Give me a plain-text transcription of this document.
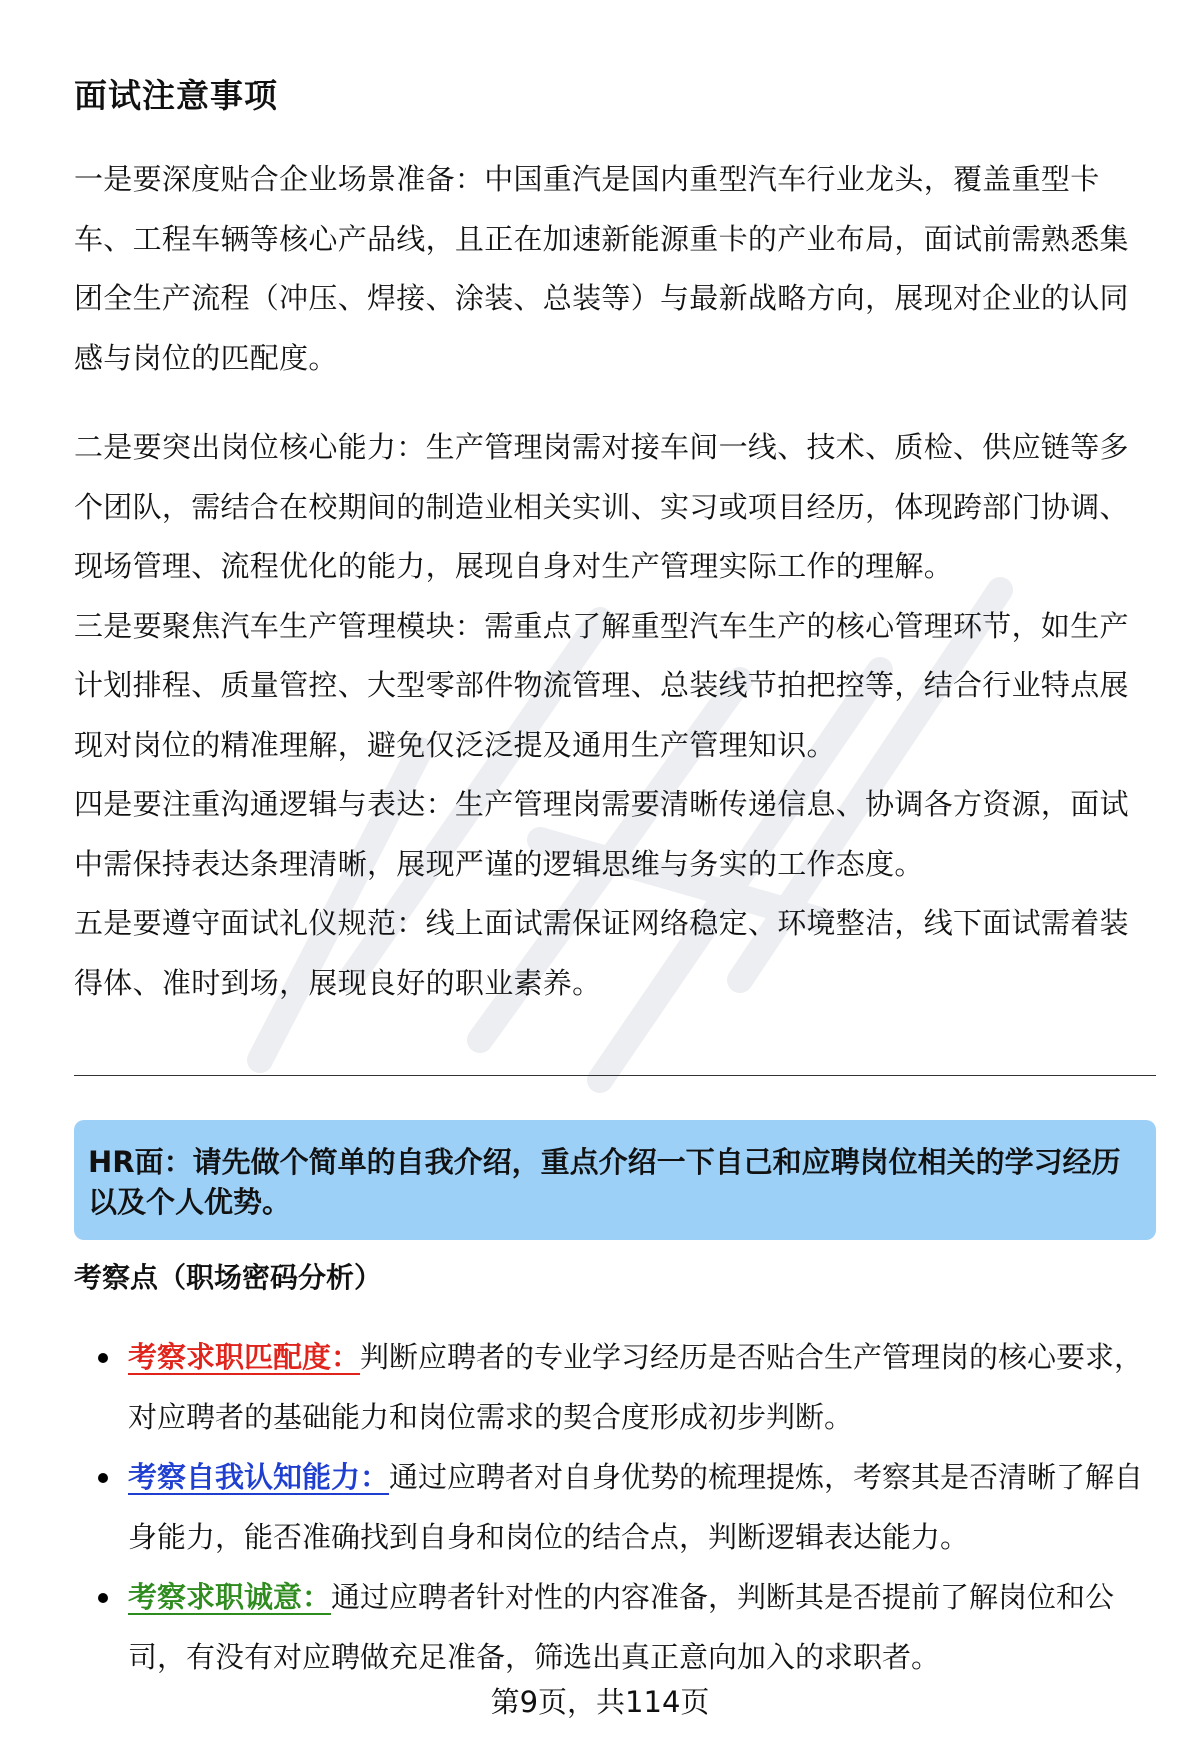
面试注意事项

一是要深度贴合企业场景准备：中国重汽是国内重型汽车行业龙头，覆盖重型卡车、工程车辆等核心产品线，且正在加速新能源重卡的产业布局，面试前需熟悉集团全生产流程（冲压、焊接、涂装、总装等）与最新战略方向，展现对企业的认同感与岗位的匹配度。

二是要突出岗位核心能力：生产管理岗需对接车间一线、技术、质检、供应链等多个团队，需结合在校期间的制造业相关实训、实习或项目经历，体现跨部门协调、现场管理、流程优化的能力，展现自身对生产管理实际工作的理解。

三是要聚焦汽车生产管理模块：需重点了解重型汽车生产的核心管理环节，如生产计划排程、质量管控、大型零部件物流管理、总装线节拍把控等，结合行业特点展现对岗位的精准理解，避免仅泛泛提及通用生产管理知识。

四是要注重沟通逻辑与表达：生产管理岗需要清晰传递信息、协调各方资源，面试中需保持表达条理清晰，展现严谨的逻辑思维与务实的工作态度。

五是要遵守面试礼仪规范：线上面试需保证网络稳定、环境整洁，线下面试需着装得体、准时到场，展现良好的职业素养。

HR面：请先做个简单的自我介绍，重点介绍一下自己和应聘岗位相关的学习经历以及个人优势。
考察点（职场密码分析）
考察求职匹配度：判断应聘者的专业学习经历是否贴合生产管理岗的核心要求，对应聘者的基础能力和岗位需求的契合度形成初步判断。
考察自我认知能力：通过应聘者对自身优势的梳理提炼，考察其是否清晰了解自身能力，能否准确找到自身和岗位的结合点，判断逻辑表达能力。
考察求职诚意：通过应聘者针对性的内容准备，判断其是否提前了解岗位和公司，有没有对应聘做充足准备，筛选出真正意向加入的求职者。
第9页，共114页
